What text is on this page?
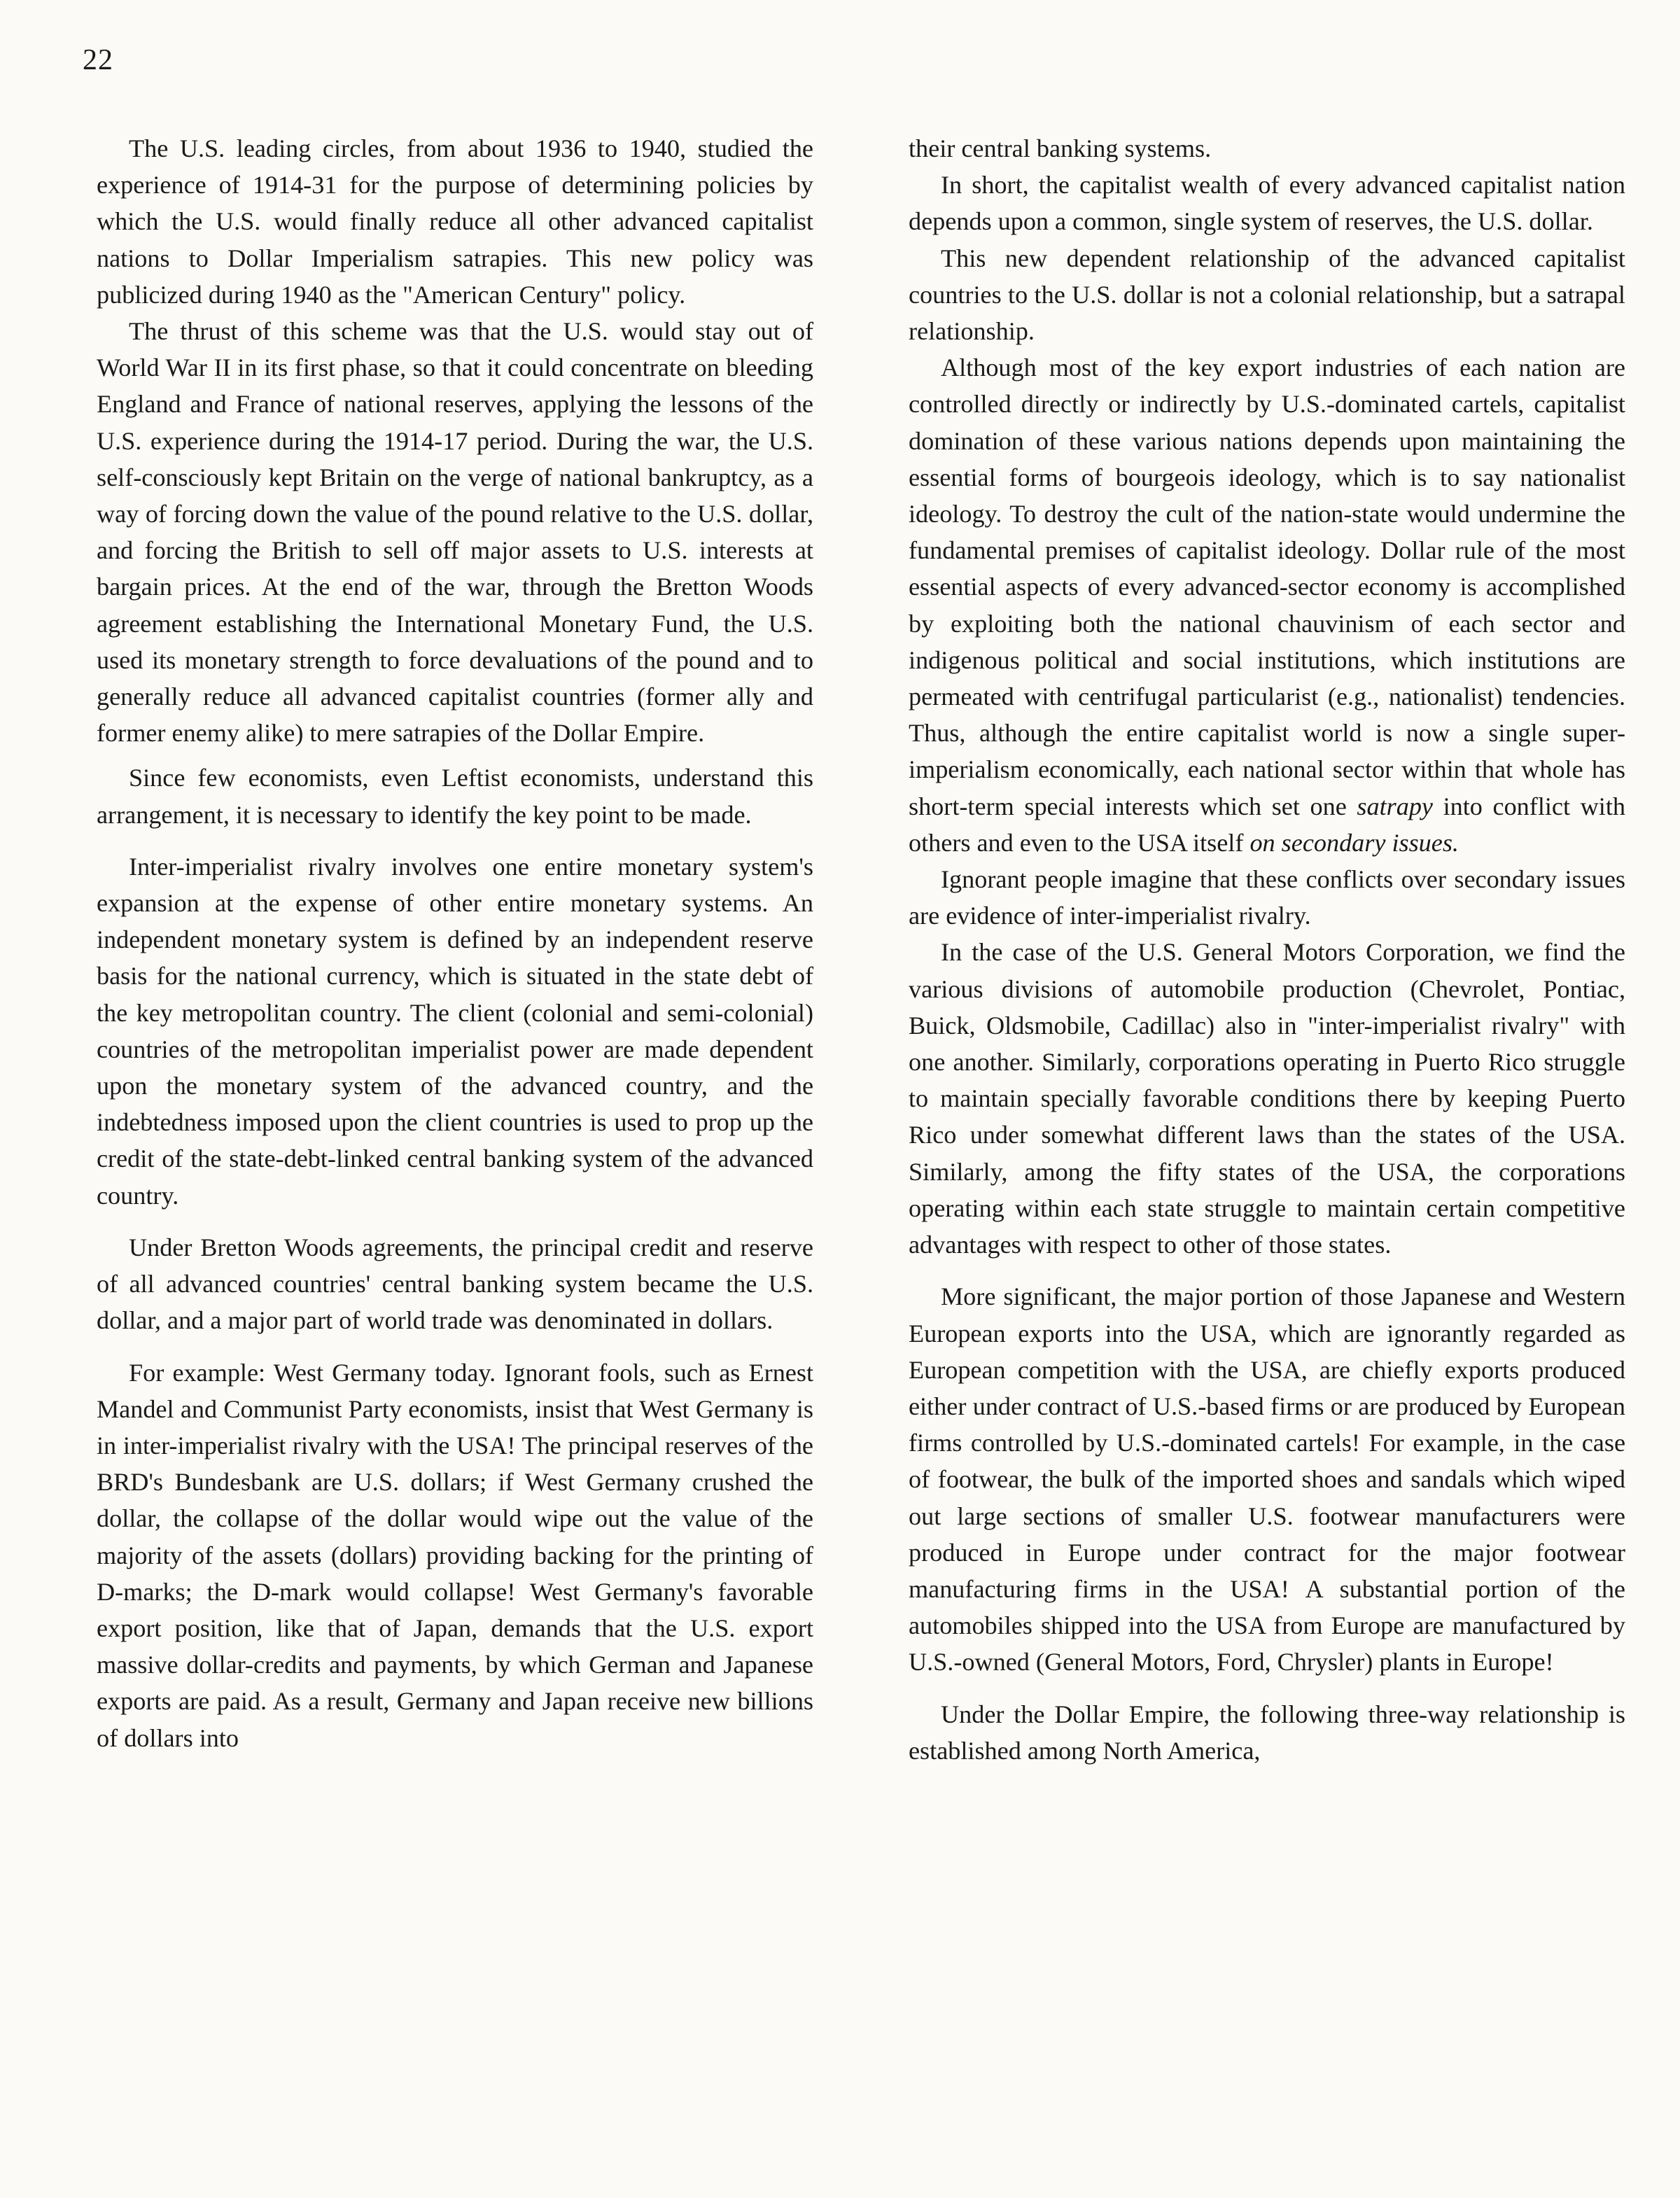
22

The U.S. leading circles, from about 1936 to 1940, studied the experience of 1914-31 for the purpose of determining policies by which the U.S. would finally reduce all other advanced capitalist nations to Dollar Imperialism satrapies. This new policy was publicized during 1940 as the "American Century" policy.

The thrust of this scheme was that the U.S. would stay out of World War II in its first phase, so that it could concentrate on bleeding England and France of national reserves, applying the lessons of the U.S. experience during the 1914-17 period. During the war, the U.S. self-consciously kept Britain on the verge of national bankruptcy, as a way of forcing down the value of the pound relative to the U.S. dollar, and forcing the British to sell off major assets to U.S. interests at bargain prices. At the end of the war, through the Bretton Woods agreement establishing the International Monetary Fund, the U.S. used its monetary strength to force devaluations of the pound and to generally reduce all advanced capitalist countries (former ally and former enemy alike) to mere satrapies of the Dollar Empire.

Since few economists, even Leftist economists, understand this arrangement, it is necessary to identify the key point to be made.

Inter-imperialist rivalry involves one entire monetary system's expansion at the expense of other entire monetary systems. An independent monetary system is defined by an independent reserve basis for the national currency, which is situated in the state debt of the key metropolitan country. The client (colonial and semi-colonial) countries of the metropolitan imperialist power are made dependent upon the monetary system of the advanced country, and the indebtedness imposed upon the client countries is used to prop up the credit of the state-debt-linked central banking system of the advanced country.

Under Bretton Woods agreements, the principal credit and reserve of all advanced countries' central banking system became the U.S. dollar, and a major part of world trade was denominated in dollars.

For example: West Germany today. Ignorant fools, such as Ernest Mandel and Communist Party economists, insist that West Germany is in inter-imperialist rivalry with the USA! The principal reserves of the BRD's Bundesbank are U.S. dollars; if West Germany crushed the dollar, the collapse of the dollar would wipe out the value of the majority of the assets (dollars) providing backing for the printing of D-marks; the D-mark would collapse! West Germany's favorable export position, like that of Japan, demands that the U.S. export massive dollar-credits and payments, by which German and Japanese exports are paid. As a result, Germany and Japan receive new billions of dollars into

their central banking systems.

In short, the capitalist wealth of every advanced capitalist nation depends upon a common, single system of reserves, the U.S. dollar.

This new dependent relationship of the advanced capitalist countries to the U.S. dollar is not a colonial relationship, but a satrapal relationship.

Although most of the key export industries of each nation are controlled directly or indirectly by U.S.-dominated cartels, capitalist domination of these various nations depends upon maintaining the essential forms of bourgeois ideology, which is to say nationalist ideology. To destroy the cult of the nation-state would undermine the fundamental premises of capitalist ideology. Dollar rule of the most essential aspects of every advanced-sector economy is accomplished by exploiting both the national chauvinism of each sector and indigenous political and social institutions, which institutions are permeated with centrifugal particularist (e.g., nationalist) tendencies. Thus, although the entire capitalist world is now a single super-imperialism economically, each national sector within that whole has short-term special interests which set one satrapy into conflict with others and even to the USA itself on secondary issues.

Ignorant people imagine that these conflicts over secondary issues are evidence of inter-imperialist rivalry.

In the case of the U.S. General Motors Corporation, we find the various divisions of automobile production (Chevrolet, Pontiac, Buick, Oldsmobile, Cadillac) also in "inter-imperialist rivalry" with one another. Similarly, corporations operating in Puerto Rico struggle to maintain specially favorable conditions there by keeping Puerto Rico under somewhat different laws than the states of the USA. Similarly, among the fifty states of the USA, the corporations operating within each state struggle to maintain certain competitive advantages with respect to other of those states.

More significant, the major portion of those Japanese and Western European exports into the USA, which are ignorantly regarded as European competition with the USA, are chiefly exports produced either under contract of U.S.-based firms or are produced by European firms controlled by U.S.-dominated cartels! For example, in the case of footwear, the bulk of the imported shoes and sandals which wiped out large sections of smaller U.S. footwear manufacturers were produced in Europe under contract for the major footwear manufacturing firms in the USA! A substantial portion of the automobiles shipped into the USA from Europe are manufactured by U.S.-owned (General Motors, Ford, Chrysler) plants in Europe!

Under the Dollar Empire, the following three-way relationship is established among North America,
